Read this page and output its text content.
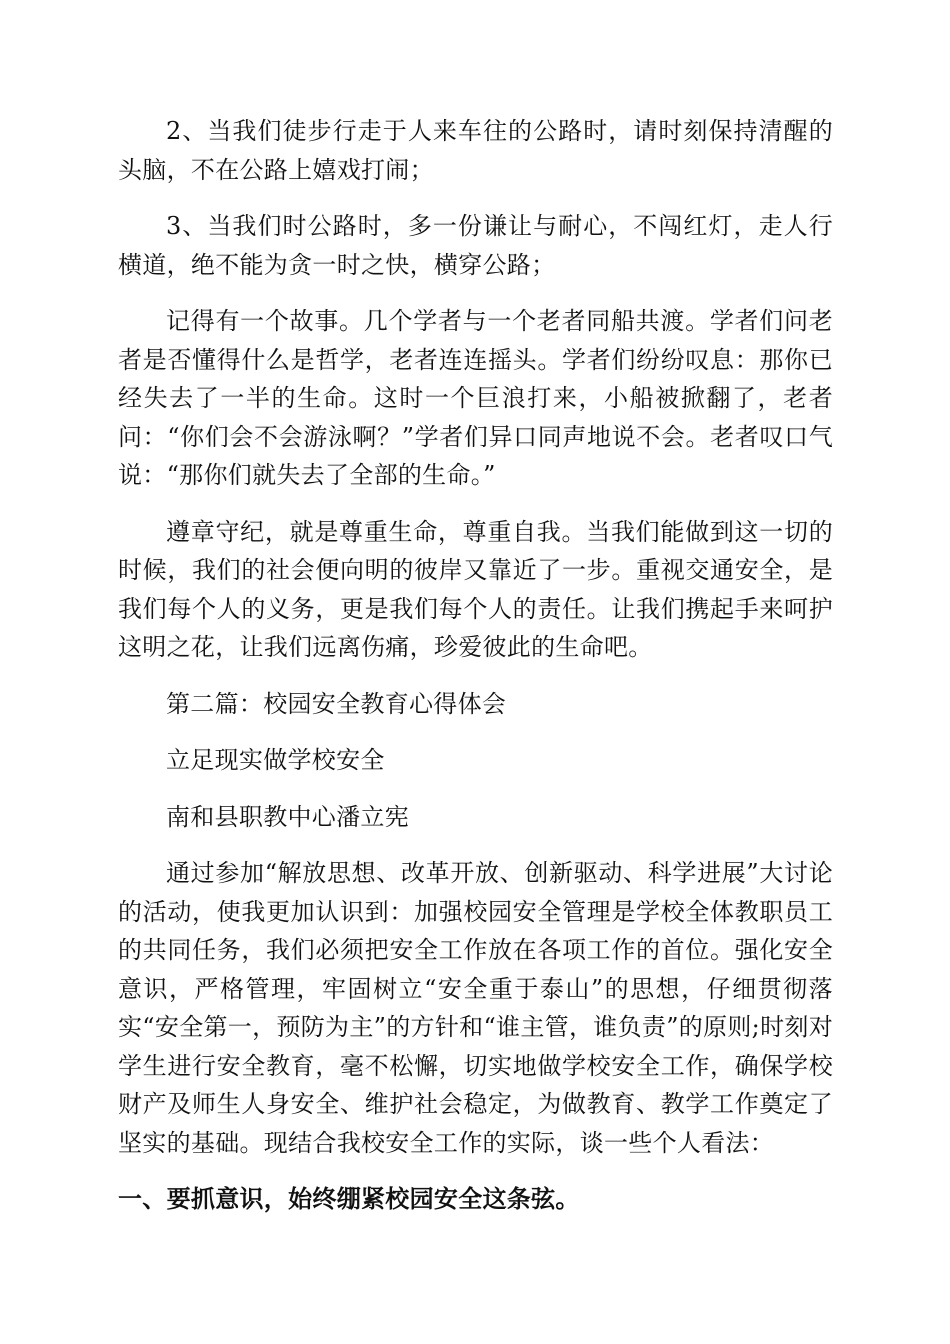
2、当我们徒步行走于人来车往的公路时，请时刻保持清醒的头脑，不在公路上嬉戏打闹；

3、当我们时公路时，多一份谦让与耐心，不闯红灯，走人行横道，绝不能为贪一时之快，横穿公路；

记得有一个故事。几个学者与一个老者同船共渡。学者们问老者是否懂得什么是哲学，老者连连摇头。学者们纷纷叹息：那你已经失去了一半的生命。这时一个巨浪打来，小船被掀翻了，老者问：“你们会不会游泳啊？”学者们异口同声地说不会。老者叹口气说：“那你们就失去了全部的生命。”

遵章守纪，就是尊重生命，尊重自我。当我们能做到这一切的时候，我们的社会便向明的彼岸又靠近了一步。重视交通安全，是我们每个人的义务，更是我们每个人的责任。让我们携起手来呵护这明之花，让我们远离伤痛，珍爱彼此的生命吧。

第二篇：校园安全教育心得体会

立足现实做学校安全

南和县职教中心潘立宪

通过参加“解放思想、改革开放、创新驱动、科学进展”大讨论的活动，使我更加认识到：加强校园安全管理是学校全体教职员工的共同任务，我们必须把安全工作放在各项工作的首位。强化安全意识，严格管理，牢固树立“安全重于泰山”的思想，仔细贯彻落实“安全第一，预防为主”的方针和“谁主管，谁负责”的原则;时刻对学生进行安全教育，毫不松懈，切实地做学校安全工作，确保学校财产及师生人身安全、维护社会稳定，为做教育、教学工作奠定了坚实的基础。现结合我校安全工作的实际，谈一些个人看法：

一、要抓意识，始终绷紧校园安全这条弦。
